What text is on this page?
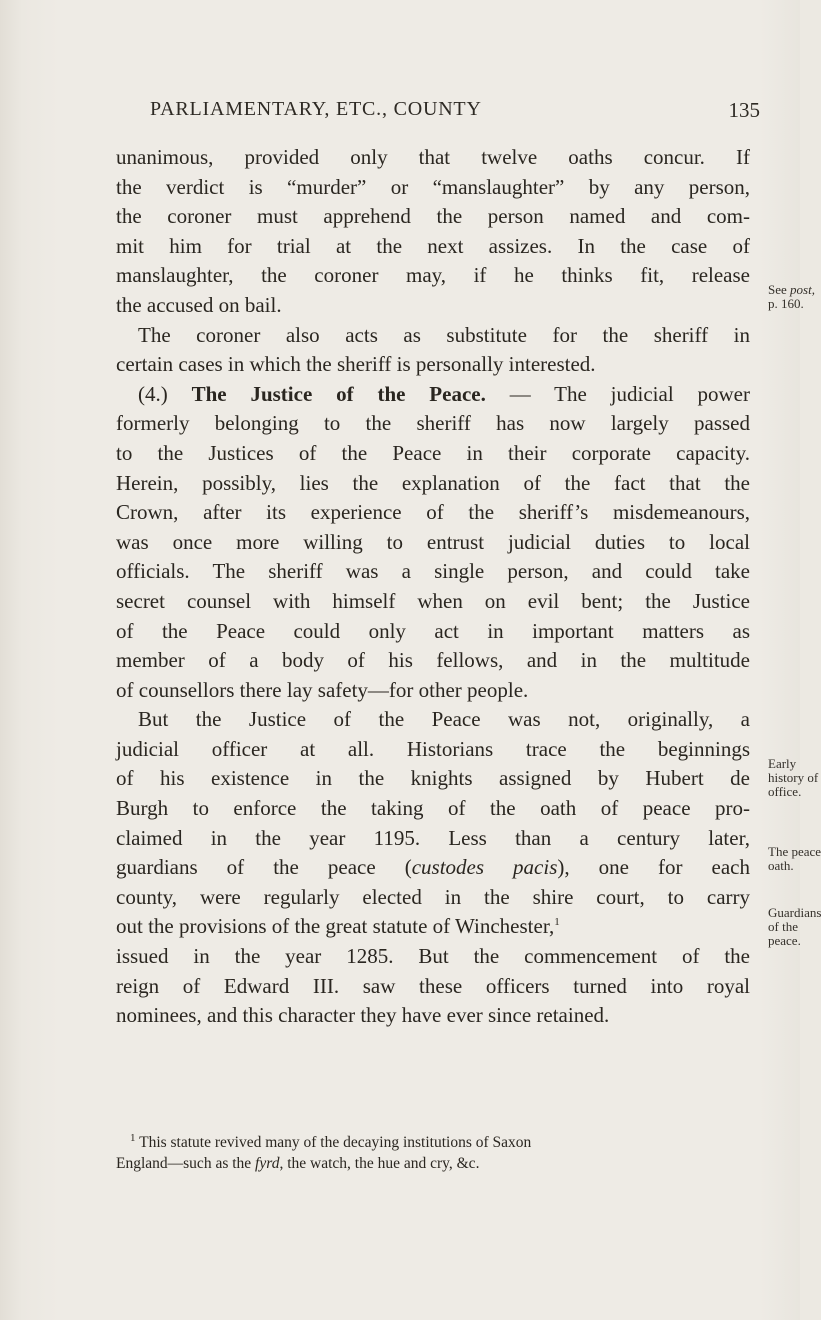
PARLIAMENTARY, ETC., COUNTY	135
unanimous, provided only that twelve oaths concur. If
the verdict is “murder” or “manslaughter” by any person,
the coroner must apprehend the person named and com-
mit him for trial at the next assizes. In the case of
manslaughter, the coroner may, if he thinks fit, release
the accused on bail.
The coroner also acts as substitute for the sheriff in
certain cases in which the sheriff is personally interested.
(4.) The Justice of the Peace. — The judicial power
formerly belonging to the sheriff has now largely passed
to the Justices of the Peace in their corporate capacity.
Herein, possibly, lies the explanation of the fact that the
Crown, after its experience of the sheriff’s misdemeanours,
was once more willing to entrust judicial duties to local
officials. The sheriff was a single person, and could take
secret counsel with himself when on evil bent; the Justice
of the Peace could only act in important matters as
member of a body of his fellows, and in the multitude
of counsellors there lay safety—for other people.
But the Justice of the Peace was not, originally, a
judicial officer at all. Historians trace the beginnings
of his existence in the knights assigned by Hubert de
Burgh to enforce the taking of the oath of peace pro-
claimed in the year 1195. Less than a century later,
guardians of the peace (custodes pacis), one for each
county, were regularly elected in the shire court, to carry
out the provisions of the great statute of Winchester,$^1$
issued in the year 1285. But the commencement of the
reign of Edward III. saw these officers turned into royal
nominees, and this character they have ever since retained.
See post,
p. 160.
Early
history of
office.
The peace
oath.
Guardians
of the
peace.
$^1$ This statute revived many of the decaying institutions of Saxon
England—such as the fyrd, the watch, the hue and cry, &c.
